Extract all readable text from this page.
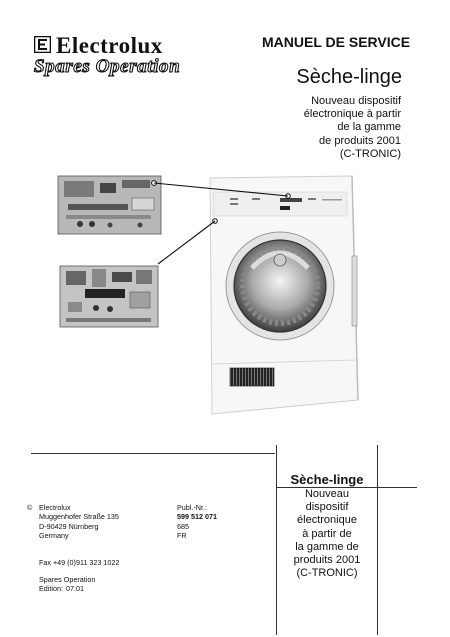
Electrolux
Spares Operation
MANUEL DE SERVICE
Sèche-linge
Nouveau dispositif
électronique à partir
de la gamme
de produits 2001
(C-TRONIC)
© Electrolux
Muggenhofer Straße 135
D-90429 Nürnberg
Germany
Fax +49 (0)911 323 1022
Spares Operation
Edition: 07.01
Publ.-Nr.:
599 512 071
685
FR
Sèche-linge
Nouveau
dispositif
électronique
à partir de
la gamme de
produits 2001
(C-TRONIC)
